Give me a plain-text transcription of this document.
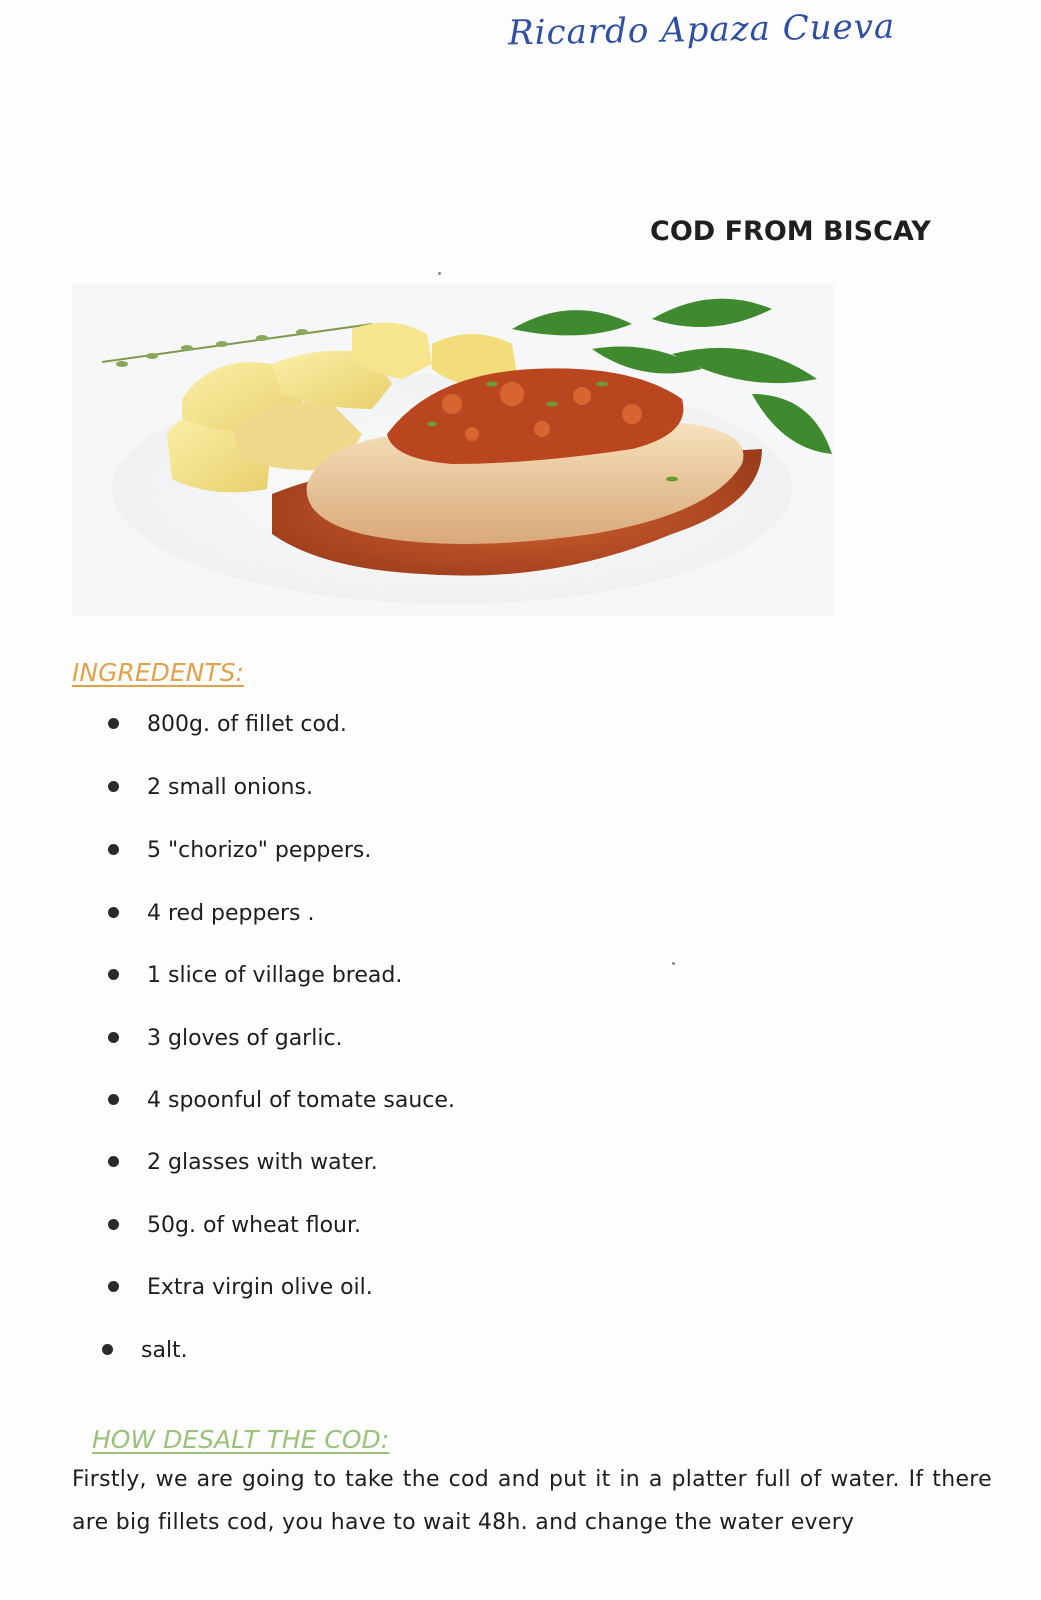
Ricardo Apaza Cueva
COD FROM BISCAY
INGREDENTS:
800g. of fillet cod.
2 small onions.
5 "chorizo" peppers.
4 red peppers .
1 slice of village bread.
3 gloves of garlic.
4 spoonful of tomate sauce.
2 glasses with water.
50g. of wheat flour.
Extra virgin olive oil.
salt.
HOW DESALT THE COD:
Firstly, we are going to take the cod and put it in a platter full of water. If there are big fillets cod, you have to wait 48h. and change the water every
